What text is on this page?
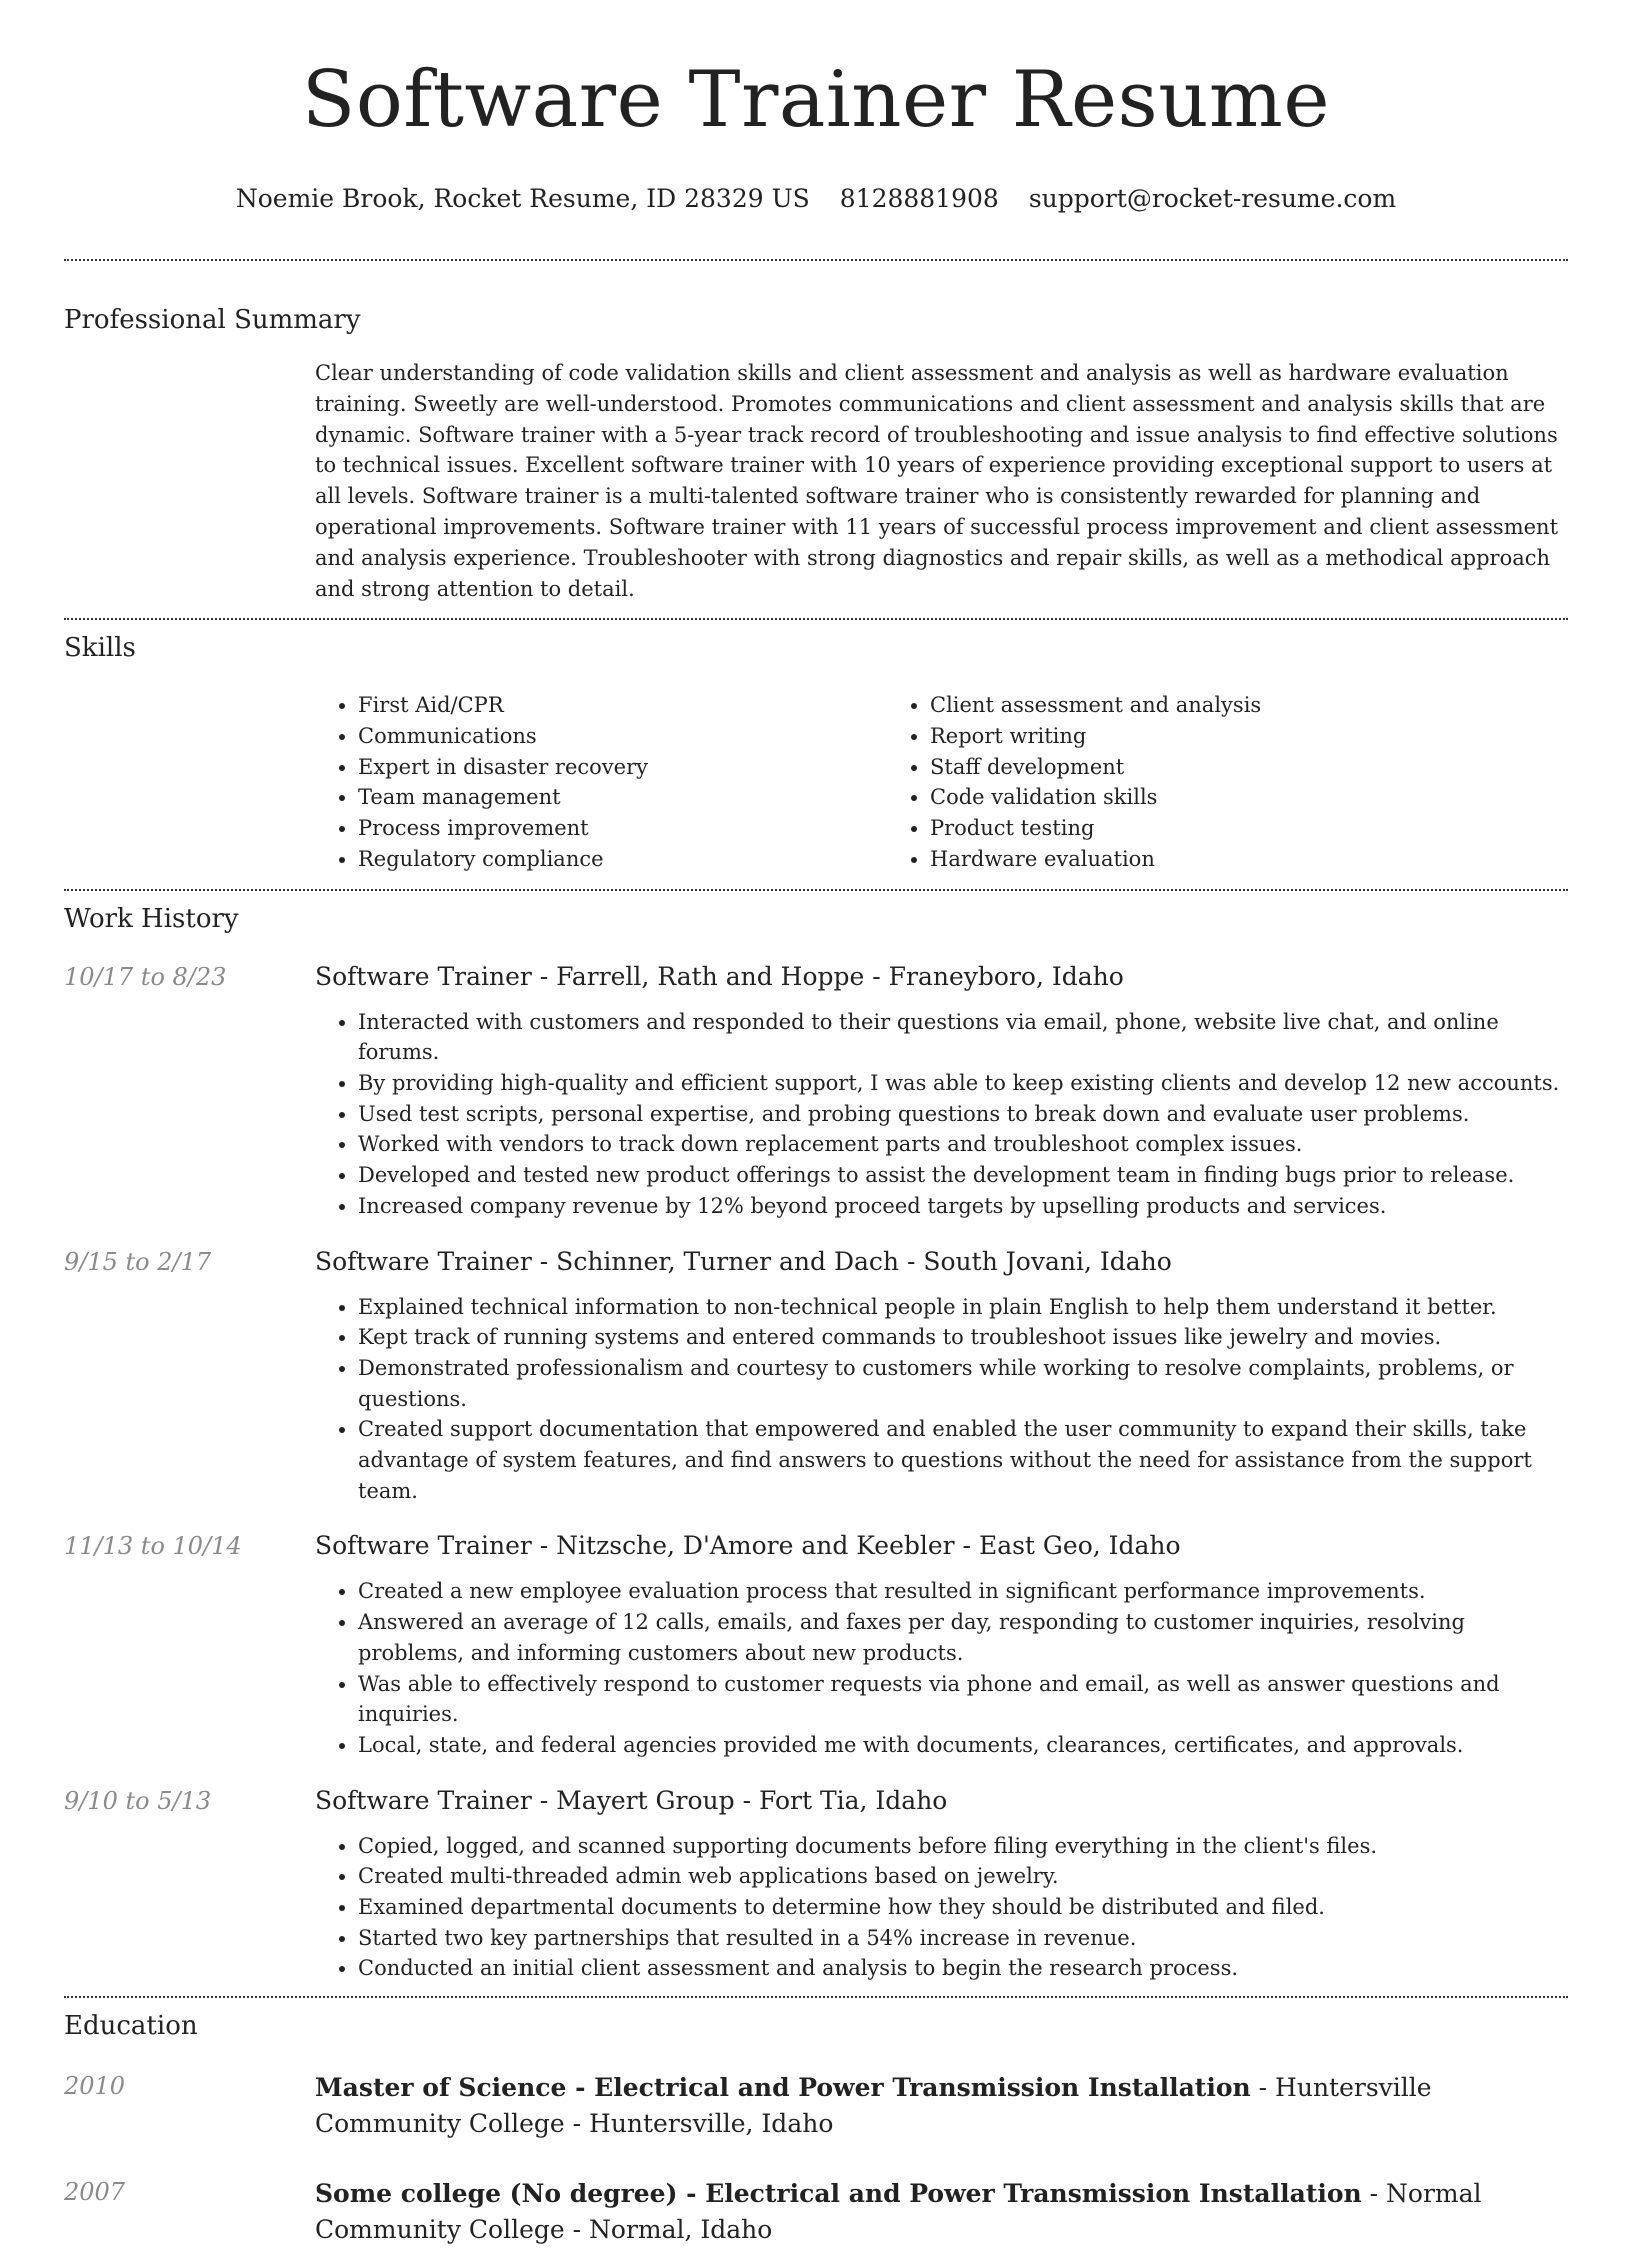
Software Trainer Resume
Noemie Brook, Rocket Resume, ID 28329 US 8128881908 support@rocket-resume.com
Professional Summary
Clear understanding of code validation skills and client assessment and analysis as well as hardware evaluation training. Sweetly are well-understood. Promotes communications and client assessment and analysis skills that are dynamic. Software trainer with a 5-year track record of troubleshooting and issue analysis to find effective solutions to technical issues. Excellent software trainer with 10 years of experience providing exceptional support to users at all levels. Software trainer is a multi-talented software trainer who is consistently rewarded for planning and operational improvements. Software trainer with 11 years of successful process improvement and client assessment and analysis experience. Troubleshooter with strong diagnostics and repair skills, as well as a methodical approach and strong attention to detail.
Skills
• First Aid/CPR
• Communications
• Expert in disaster recovery
• Team management
• Process improvement
• Regulatory compliance
• Client assessment and analysis
• Report writing
• Staff development
• Code validation skills
• Product testing
• Hardware evaluation
Work History
10/17 to 8/23	Software Trainer - Farrell, Rath and Hoppe - Franeyboro, Idaho
• Interacted with customers and responded to their questions via email, phone, website live chat, and online forums.
• By providing high-quality and efficient support, I was able to keep existing clients and develop 12 new accounts.
• Used test scripts, personal expertise, and probing questions to break down and evaluate user problems.
• Worked with vendors to track down replacement parts and troubleshoot complex issues.
• Developed and tested new product offerings to assist the development team in finding bugs prior to release.
• Increased company revenue by 12% beyond proceed targets by upselling products and services.
9/15 to 2/17	Software Trainer - Schinner, Turner and Dach - South Jovani, Idaho
• Explained technical information to non-technical people in plain English to help them understand it better.
• Kept track of running systems and entered commands to troubleshoot issues like jewelry and movies.
• Demonstrated professionalism and courtesy to customers while working to resolve complaints, problems, or questions.
• Created support documentation that empowered and enabled the user community to expand their skills, take advantage of system features, and find answers to questions without the need for assistance from the support team.
11/13 to 10/14	Software Trainer - Nitzsche, D'Amore and Keebler - East Geo, Idaho
• Created a new employee evaluation process that resulted in significant performance improvements.
• Answered an average of 12 calls, emails, and faxes per day, responding to customer inquiries, resolving problems, and informing customers about new products.
• Was able to effectively respond to customer requests via phone and email, as well as answer questions and inquiries.
• Local, state, and federal agencies provided me with documents, clearances, certificates, and approvals.
9/10 to 5/13	Software Trainer - Mayert Group - Fort Tia, Idaho
• Copied, logged, and scanned supporting documents before filing everything in the client's files.
• Created multi-threaded admin web applications based on jewelry.
• Examined departmental documents to determine how they should be distributed and filed.
• Started two key partnerships that resulted in a 54% increase in revenue.
• Conducted an initial client assessment and analysis to begin the research process.
Education
2010	Master of Science - Electrical and Power Transmission Installation - Huntersville Community College - Huntersville, Idaho
2007	Some college (No degree) - Electrical and Power Transmission Installation - Normal Community College - Normal, Idaho
